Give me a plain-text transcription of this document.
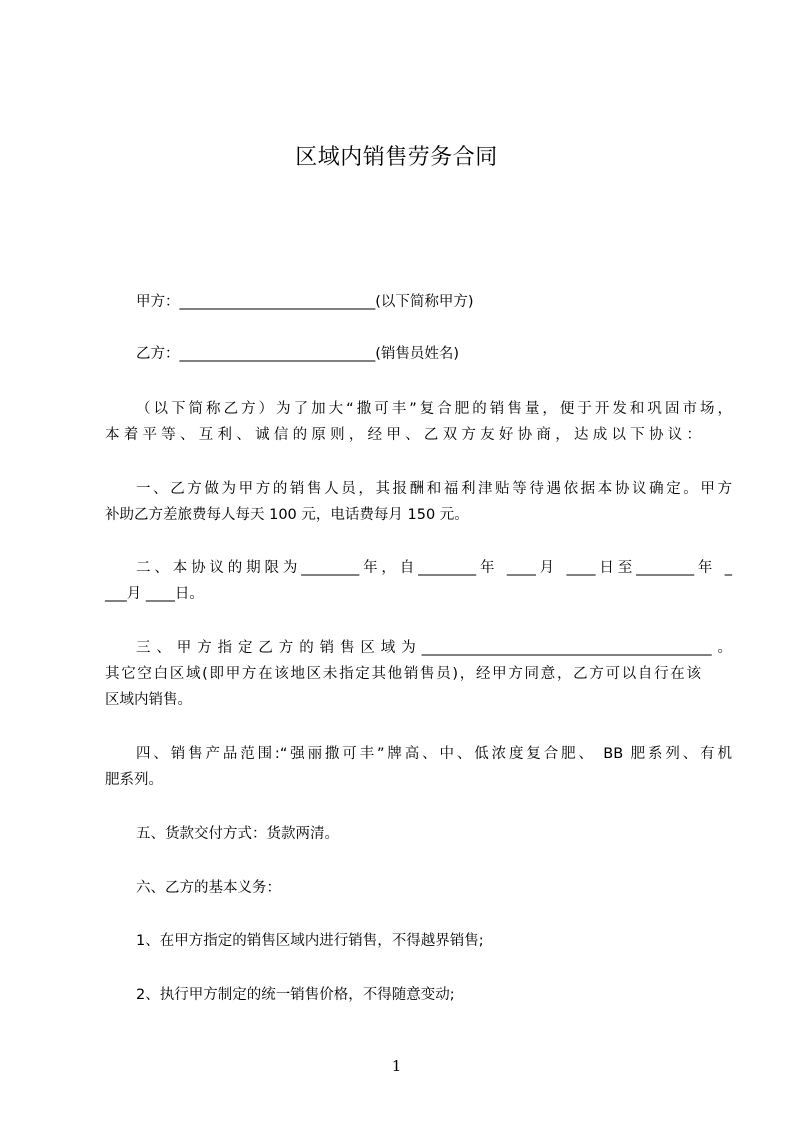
区域内销售劳务合同
甲方：___________________________(以下简称甲方)
乙方：___________________________(销售员姓名)
（以下简称乙方）为了加大“撒可丰”复合肥的销售量，便于开发和巩固市场，
本着平等、互利、诚信的原则，经甲、乙双方友好协商，达成以下协议：
一、乙方做为甲方的销售人员，其报酬和福利津贴等待遇依据本协议确定。甲方
补助乙方差旅费每人每天 100 元，电话费每月 150 元。
二、本协议的期限为________年，自________年 ____月 ____日至________年 _
___月 ____日。
三、甲方指定乙方的销售区域为________________________________________。
其它空白区域(即甲方在该地区未指定其他销售员)，经甲方同意，乙方可以自行在该
区域内销售。
四、销售产品范围:“强丽撒可丰”牌高、中、低浓度复合肥、 BB 肥系列、有机
肥系列。
五、货款交付方式：货款两清。
六、乙方的基本义务：
1、在甲方指定的销售区域内进行销售，不得越界销售;
2、执行甲方制定的统一销售价格，不得随意变动;
1
